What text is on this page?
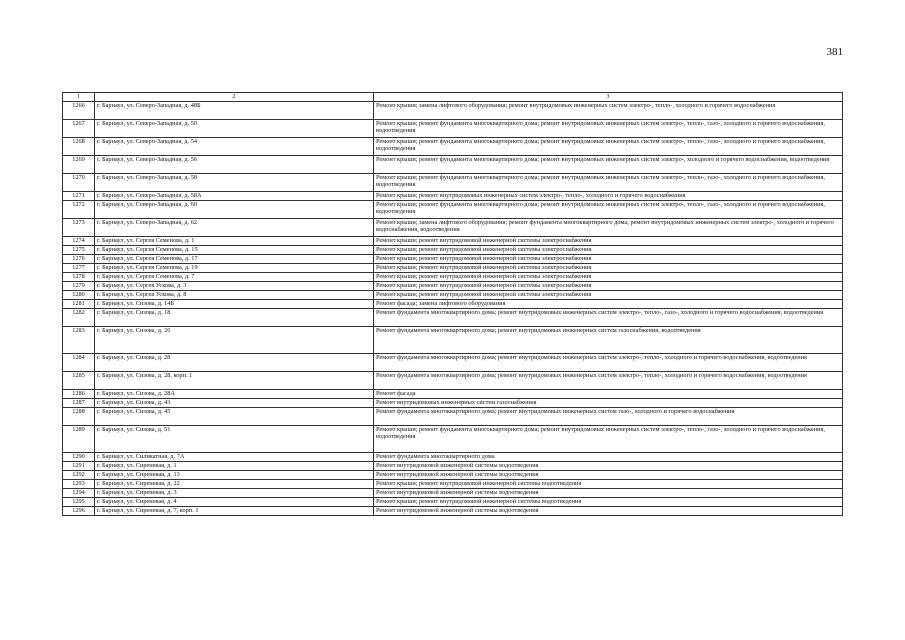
381
1	2	3
1266	г. Барнаул, ул. Северо-Западная, д. 48Б	Ремонт крыши; замена лифтового оборудования; ремонт внутридомовых инженерных систем электро-, тепло-, холодного и горячего водоснабжения
1267	г. Барнаул, ул. Северо-Западная, д. 50	Ремонт крыши; ремонт фундамента многоквартирного дома; ремонт внутридомовых инженерных систем электро-, тепло-, газо-, холодного и горячего водоснабжения, водоотведения
1268	г. Барнаул, ул. Северо-Западная, д. 54	Ремонт крыши; ремонт фундамента многоквартирного дома; ремонт внутридомовых инженерных систем электро-, тепло-, газо-, холодного и горячего водоснабжения, водоотведения
1269	г. Барнаул, ул. Северо-Западная, д. 56	Ремонт крыши; ремонт фундамента многоквартирного дома; ремонт внутридомовых инженерных систем электро-, холодного и горячего водоснабжения, водоотведения
1270	г. Барнаул, ул. Северо-Западная, д. 58	Ремонт крыши; ремонт фундамента многоквартирного дома; ремонт внутридомовых инженерных систем электро-, тепло-, газо-, холодного и горячего водоснабжения, водоотведения
1271	г. Барнаул, ул. Северо-Западная, д. 58А	Ремонт крыши; ремонт внутридомовых инженерных систем электро-, тепло-, холодного и горячего водоснабжения
1272	г. Барнаул, ул. Северо-Западная, д. 60	Ремонт крыши; ремонт фундамента многоквартирного дома; ремонт внутридомовых инженерных систем электро-, тепло-, газо-, холодного и горячего водоснабжения, водоотведения
1273	г. Барнаул, ул. Северо-Западная, д. 62	Ремонт крыши; замена лифтового оборудования; ремонт фундамента многоквартирного дома; ремонт внутридомовых инженерных систем электро-, холодного и горячего водоснабжения, водоотведения
1274	г. Барнаул, ул. Сергея Семенова, д. 1	Ремонт крыши; ремонт внутридомовой инженерной системы электроснабжения
1275	г. Барнаул, ул. Сергея Семенова, д. 15	Ремонт крыши; ремонт внутридомовой инженерной системы электроснабжения
1276	г. Барнаул, ул. Сергея Семенова, д. 17	Ремонт крыши; ремонт внутридомовой инженерной системы электроснабжения
1277	г. Барнаул, ул. Сергея Семенова, д. 19	Ремонт крыши; ремонт внутридомовой инженерной системы электроснабжения
1278	г. Барнаул, ул. Сергея Семенова, д. 7	Ремонт крыши; ремонт внутридомовой инженерной системы электроснабжения
1279	г. Барнаул, ул. Сергея Ускова, д. 3	Ремонт крыши; ремонт внутридомовой инженерной системы электроснабжения
1280	г. Барнаул, ул. Сергея Ускова, д. 8	Ремонт крыши; ремонт внутридомовой инженерной системы электроснабжения
1281	г. Барнаул, ул. Сизова, д. 14Б	Ремонт фасада; замена лифтового оборудования
1282	г. Барнаул, ул. Сизова, д. 18	Ремонт фундамента многоквартирного дома; ремонт внутридомовых инженерных систем электро-, тепло-, газо-, холодного и горячего водоснабжения, водоотведения
1283	г. Барнаул, ул. Сизова, д. 26	Ремонт фундамента многоквартирного дома; ремонт внутридомовых инженерных систем газоснабжения, водоотведения
1284	г. Барнаул, ул. Сизова, д. 28	Ремонт фундамента многоквартирного дома; ремонт внутридомовых инженерных систем электро-, тепло-, холодного и горячего водоснабжения, водоотведения
1285	г. Барнаул, ул. Сизова, д. 28, корп. 1	Ремонт фундамента многоквартирного дома; ремонт внутридомовых инженерных систем электро-, тепло-, холодного и горячего водоснабжения, водоотведения
1286	г. Барнаул, ул. Сизова, д. 28А	Ремонт фасада
1287	г. Барнаул, ул. Сизова, д. 43	Ремонт внутридомовых инженерных систем газоснабжения
1288	г. Барнаул, ул. Сизова, д. 45	Ремонт фундамента многоквартирного дома; ремонт внутридомовых инженерных систем газо-, холодного и горячего водоснабжения
1289	г. Барнаул, ул. Сизова, д. 51	Ремонт крыши; ремонт фундамента многоквартирного дома; ремонт внутридомовых инженерных систем электро-, тепло-, газо-, холодного и горячего водоснабжения, водоотведения
1290	г. Барнаул, ул. Силикатная, д. 7А	Ремонт фундамента многоквартирного дома
1291	г. Барнаул, ул. Сиреневая, д. 1	Ремонт внутридомовой инженерной системы водоотведения
1292	г. Барнаул, ул. Сиреневая, д. 13	Ремонт внутридомовой инженерной системы водоотведения
1293	г. Барнаул, ул. Сиреневая, д. 22	Ремонт крыши; ремонт внутридомовой инженерной системы водоотведения
1294	г. Барнаул, ул. Сиреневая, д. 3	Ремонт внутридомовой инженерной системы водоотведения
1295	г. Барнаул, ул. Сиреневая, д. 4	Ремонт крыши; ремонт внутридомовой инженерной системы водоотведения
1296	г. Барнаул, ул. Сиреневая, д. 7, корп. 1	Ремонт внутридомовой инженерной системы водоотведения
